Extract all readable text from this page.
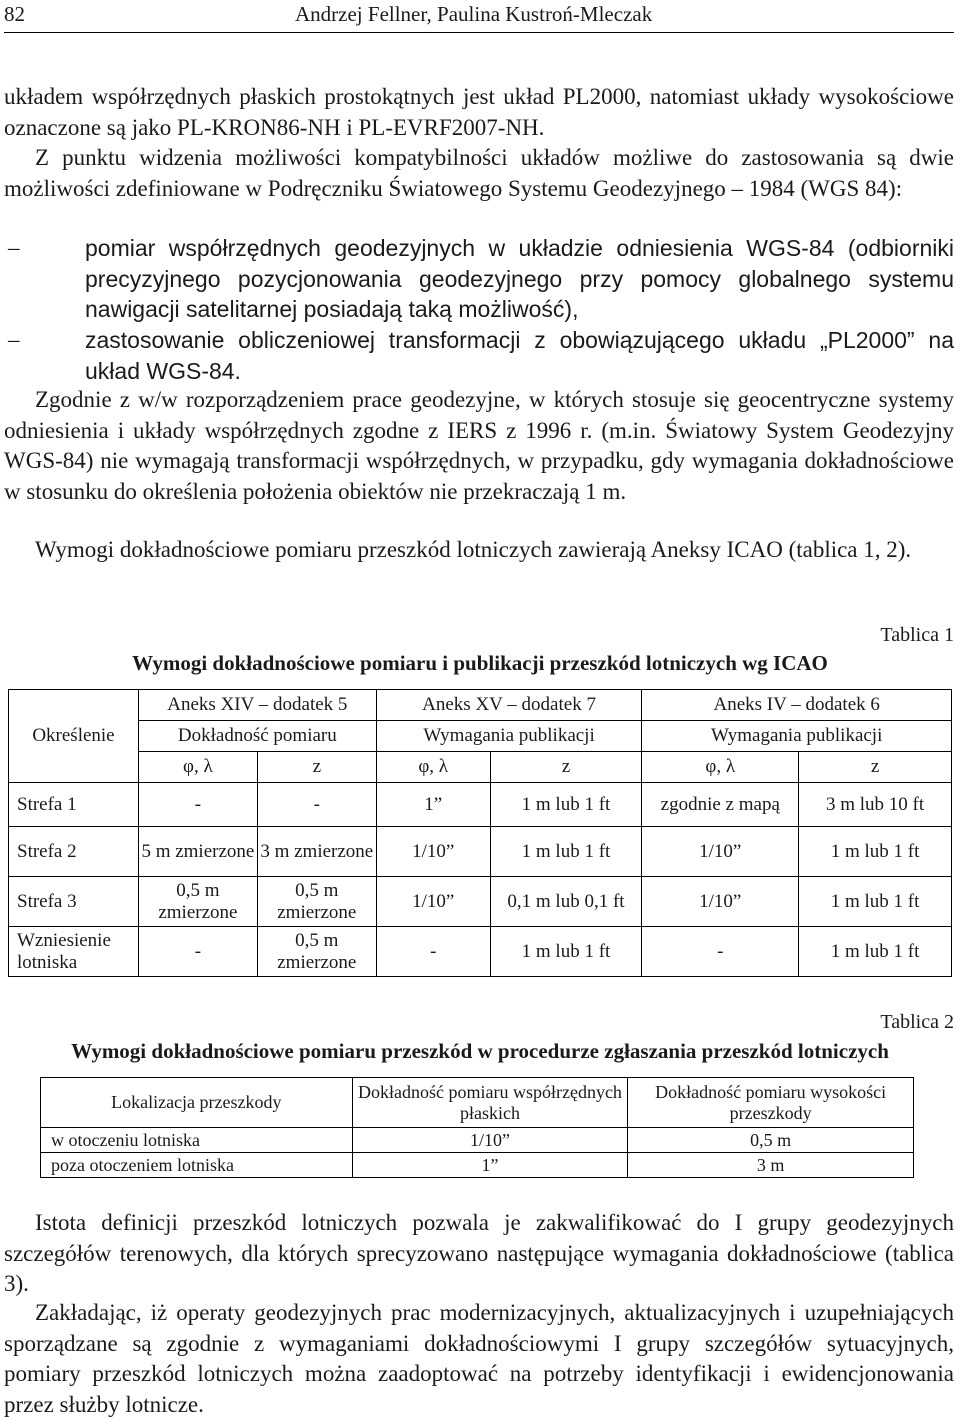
82	Andrzej Fellner, Paulina Kustroń-Mleczak

układem współrzędnych płaskich prostokątnych jest układ PL2000, natomiast układy wysokościowe oznaczone są jako PL-KRON86-NH i PL-EVRF2007-NH.

Z punktu widzenia możliwości kompatybilności układów możliwe do zastosowania są dwie możliwości zdefiniowane w Podręczniku Światowego Systemu Geodezyjnego – 1984 (WGS 84):

–	pomiar współrzędnych geodezyjnych w układzie odniesienia WGS-84 (odbiorniki precyzyjnego pozycjonowania geodezyjnego przy pomocy globalnego systemu nawigacji satelitarnej posiadają taką możliwość),
–	zastosowanie obliczeniowej transformacji z obowiązującego układu „PL2000” na układ WGS-84.

Zgodnie z w/w rozporządzeniem prace geodezyjne, w których stosuje się geocentryczne systemy odniesienia i układy współrzędnych zgodne z IERS z 1996 r. (m.in. Światowy System Geodezyjny WGS-84) nie wymagają transformacji współrzędnych, w przypadku, gdy wymagania dokładnościowe w stosunku do określenia położenia obiektów nie przekraczają 1 m.

Wymogi dokładnościowe pomiaru przeszkód lotniczych zawierają Aneksy ICAO (tablica 1, 2).

Tablica 1
Wymogi dokładnościowe pomiaru i publikacji przeszkód lotniczych wg ICAO
Określenie	Aneks XIV – dodatek 5		Aneks XV – dodatek 7		Aneks IV – dodatek 6	
	Dokładność pomiaru		Wymagania publikacji		Wymagania publikacji	
	φ, λ	z	φ, λ	z	φ, λ	z
Strefa 1	-	-	1”	1 m lub 1 ft	zgodnie z mapą	3 m lub 10 ft
Strefa 2	5 m zmierzone	3 m zmierzone	1/10”	1 m lub 1 ft	1/10”	1 m lub 1 ft
Strefa 3	0,5 m zmierzone	0,5 m zmierzone	1/10”	0,1 m lub 0,1 ft	1/10”	1 m lub 1 ft
Wzniesienie lotniska	-	0,5 m zmierzone	-	1 m lub 1 ft	-	1 m lub 1 ft
Tablica 2
Wymogi dokładnościowe pomiaru przeszkód w procedurze zgłaszania przeszkód lotniczych
Lokalizacja przeszkody	Dokładność pomiaru współrzędnych płaskich	Dokładność pomiaru wysokości przeszkody
w otoczeniu lotniska	1/10”	0,5 m
poza otoczeniem lotniska	1”	3 m

Istota definicji przeszkód lotniczych pozwala je zakwalifikować do I grupy geodezyjnych szczegółów terenowych, dla których sprecyzowano następujące wymagania dokładnościowe (tablica 3).

Zakładając, iż operaty geodezyjnych prac modernizacyjnych, aktualizacyjnych i uzupełniających sporządzane są zgodnie z wymaganiami dokładnościowymi I grupy szczegółów sytuacyjnych, pomiary przeszkód lotniczych można zaadoptować na potrzeby identyfikacji i ewidencjonowania przez służby lotnicze.
